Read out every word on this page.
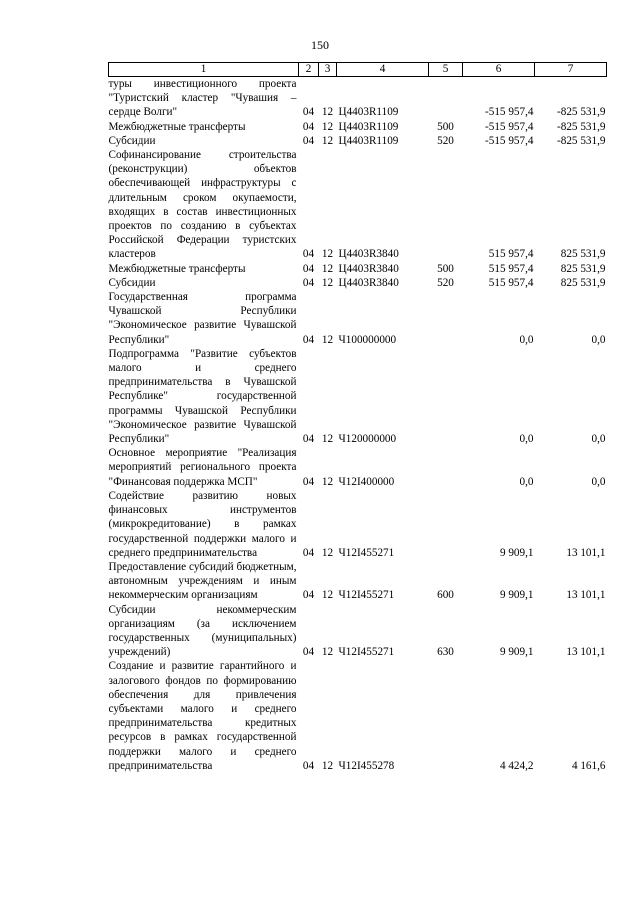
150
1	2	3	4	5	6	7
туры инвестиционного проекта "Туристский кластер "Чувашия – сердце Волги"	04	12	Ц4403R1109		-515 957,4	-825 531,9
Межбюджетные трансферты	04	12	Ц4403R1109	500	-515 957,4	-825 531,9
Субсидии	04	12	Ц4403R1109	520	-515 957,4	-825 531,9
Софинансирование строительства (реконструкции) объектов обеспечивающей инфраструктуры с длительным сроком окупаемости, входящих в состав инвестиционных проектов по созданию в субъектах Российской Федерации туристских кластеров	04	12	Ц4403R3840		515 957,4	825 531,9
Межбюджетные трансферты	04	12	Ц4403R3840	500	515 957,4	825 531,9
Субсидии	04	12	Ц4403R3840	520	515 957,4	825 531,9
Государственная программа Чувашской Республики "Экономическое развитие Чувашской Республики"	04	12	Ч100000000		0,0	0,0
Подпрограмма "Развитие субъектов малого и среднего предпринимательства в Чувашской Республике" государственной программы Чувашской Республики "Экономическое развитие Чувашской Республики"	04	12	Ч120000000		0,0	0,0
Основное мероприятие "Реализация мероприятий регионального проекта "Финансовая поддержка МСП"	04	12	Ч12I400000		0,0	0,0
Содействие развитию новых финансовых инструментов (микрокредитование) в рамках государственной поддержки малого и среднего предпринимательства	04	12	Ч12I455271		9 909,1	13 101,1
Предоставление субсидий бюджетным, автономным учреждениям и иным некоммерческим организациям	04	12	Ч12I455271	600	9 909,1	13 101,1
Субсидии некоммерческим организациям (за исключением государственных (муниципальных) учреждений)	04	12	Ч12I455271	630	9 909,1	13 101,1
Создание и развитие гарантийного и залогового фондов по формированию обеспечения для привлечения субъектами малого и среднего предпринимательства кредитных ресурсов в рамках государственной поддержки малого и среднего предпринимательства	04	12	Ч12I455278		4 424,2	4 161,6
